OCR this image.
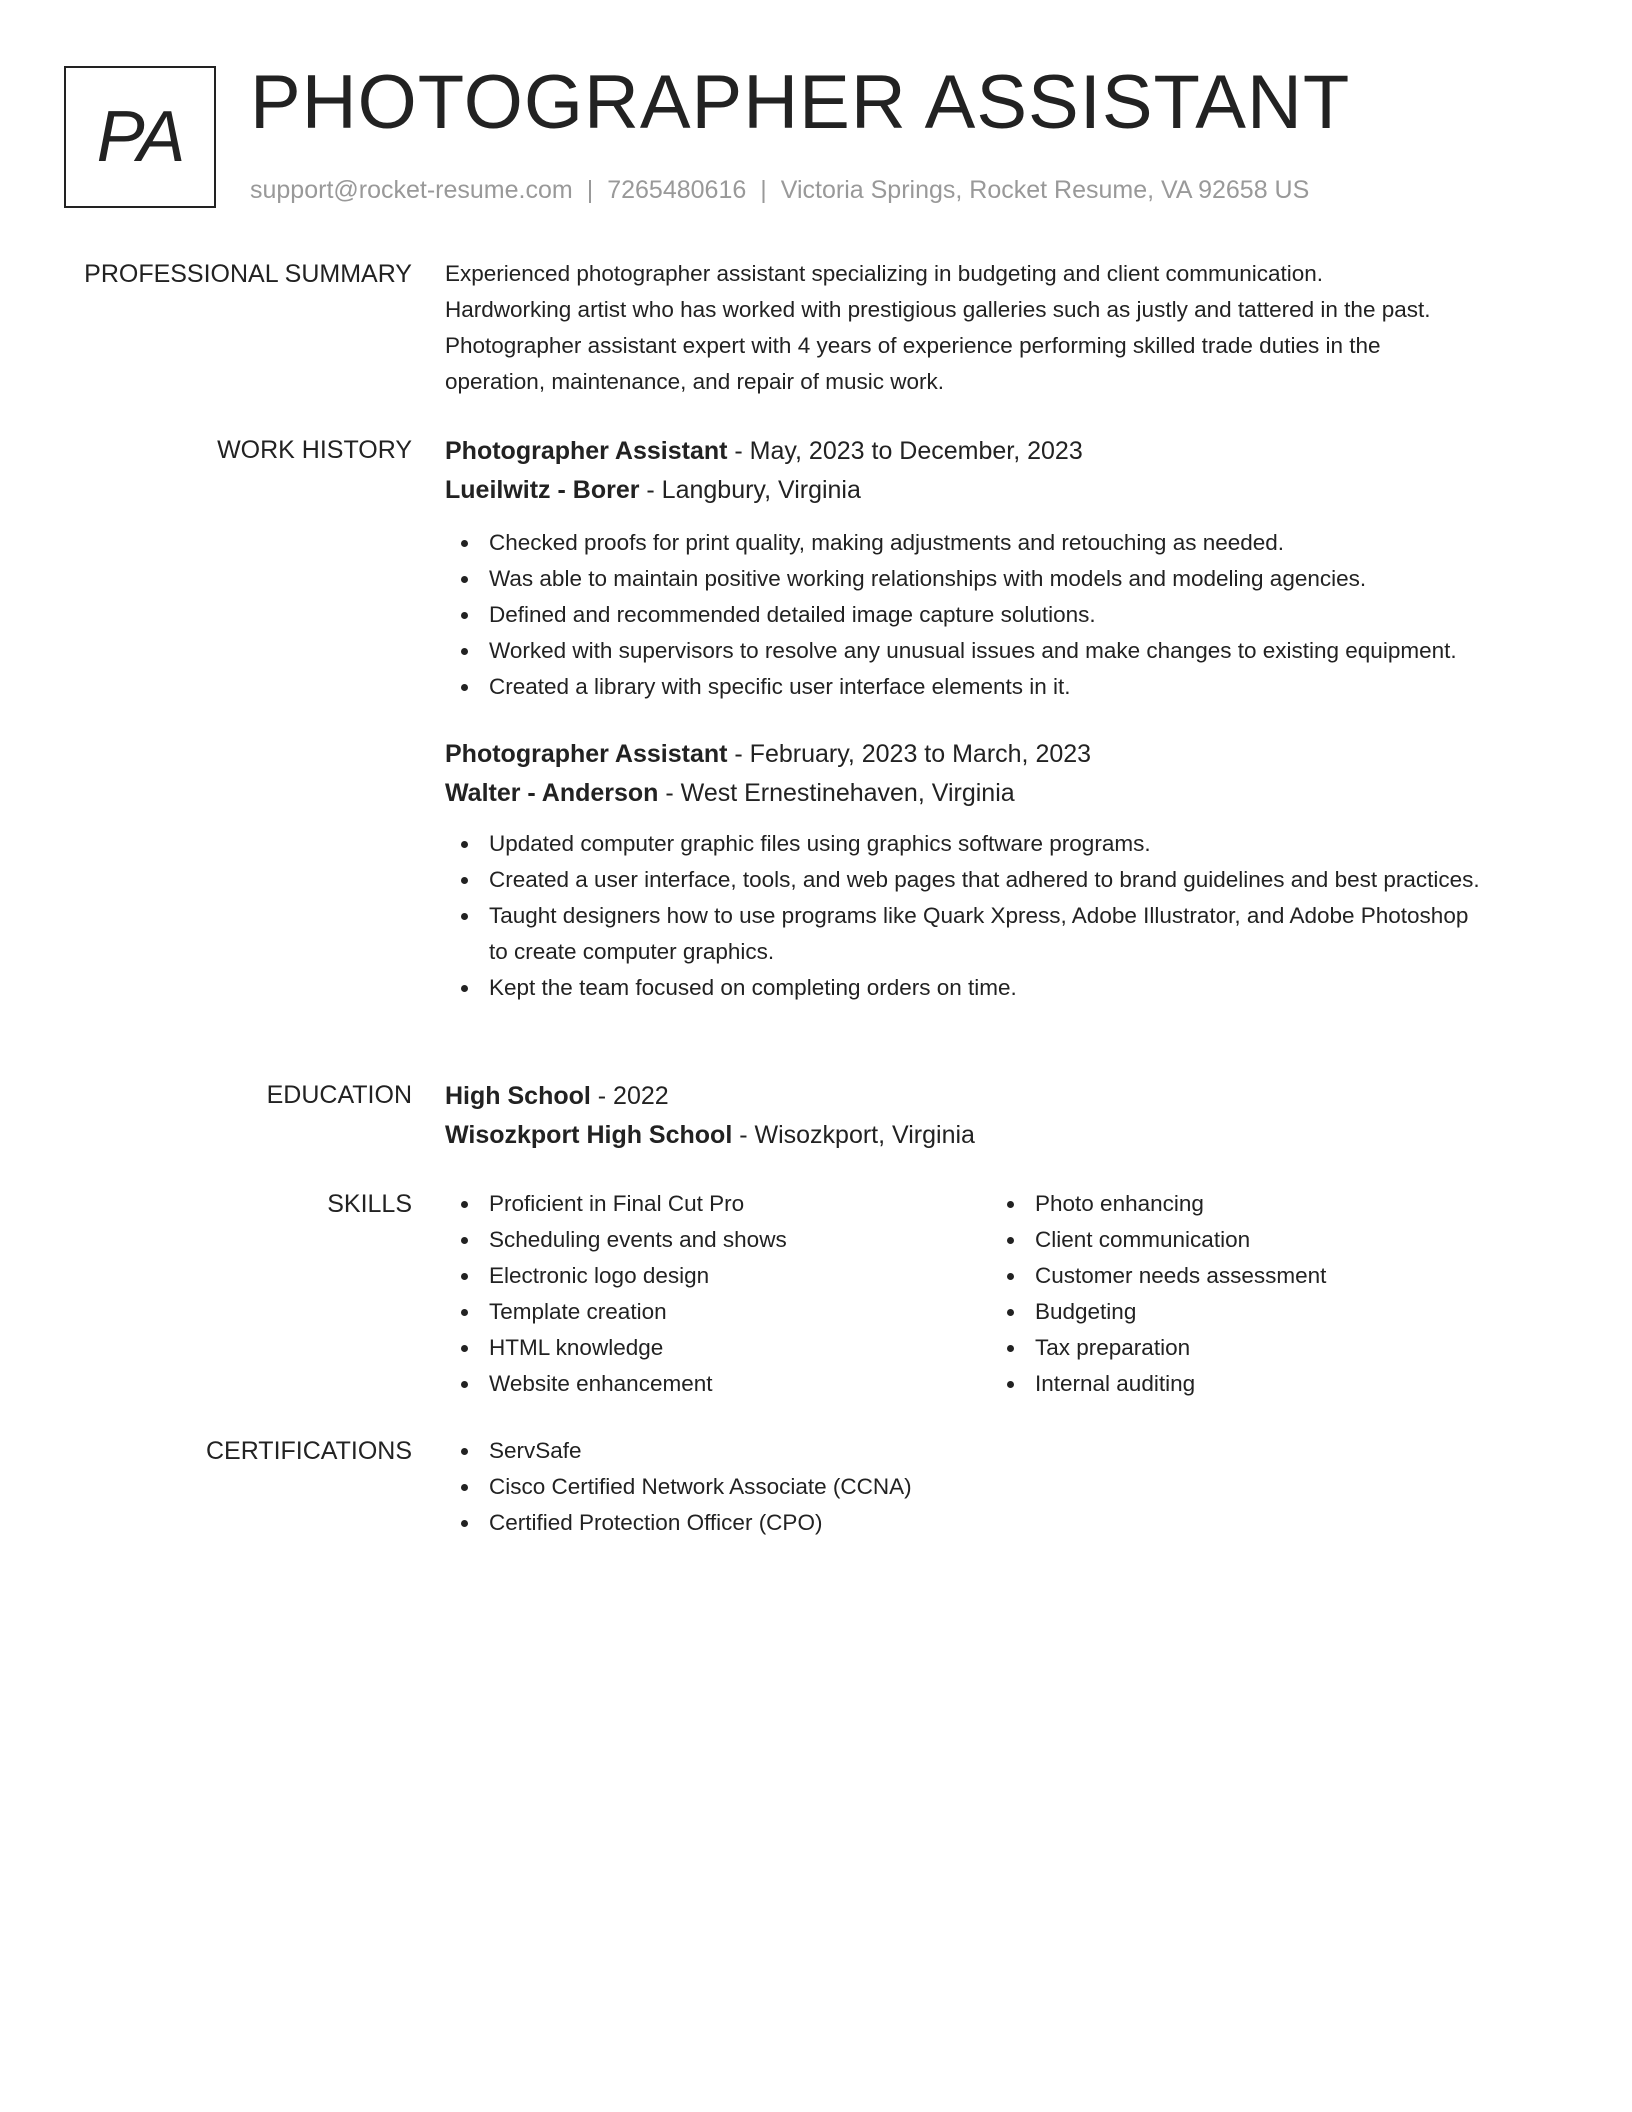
PA PHOTOGRAPHER ASSISTANT
support@rocket-resume.com | 7265480616 | Victoria Springs, Rocket Resume, VA 92658 US
PROFESSIONAL SUMMARY Experienced photographer assistant specializing in budgeting and client communication.
Hardworking artist who has worked with prestigious galleries such as justly and tattered in the past.
Photographer assistant expert with 4 years of experience performing skilled trade duties in the
operation, maintenance, and repair of music work.

WORK HISTORY Photographer Assistant - May, 2023 to December, 2023
Lueilwitz - Borer - Langbury, Virginia
Checked proofs for print quality, making adjustments and retouching as needed.
Was able to maintain positive working relationships with models and modeling agencies.
Defined and recommended detailed image capture solutions.
Worked with supervisors to resolve any unusual issues and make changes to existing equipment.
Created a library with specific user interface elements in it.
Photographer Assistant - February, 2023 to March, 2023
Walter - Anderson - West Ernestinehaven, Virginia
Updated computer graphic files using graphics software programs.
Created a user interface, tools, and web pages that adhered to brand guidelines and best practices.
Taught designers how to use programs like Quark Xpress, Adobe Illustrator, and Adobe Photoshop to create computer graphics.
Kept the team focused on completing orders on time.
EDUCATION High School - 2022
Wisozkport High School - Wisozkport, Virginia
SKILLS	Proficient in Final Cut Pro
Scheduling events and shows
Electronic logo design
Template creation
HTML knowledge
Website enhancement
Photo enhancing
Client communication
Customer needs assessment
Budgeting
Tax preparation
Internal auditing
CERTIFICATIONS	ServSafe
Cisco Certified Network Associate (CCNA)
Certified Protection Officer (CPO)
